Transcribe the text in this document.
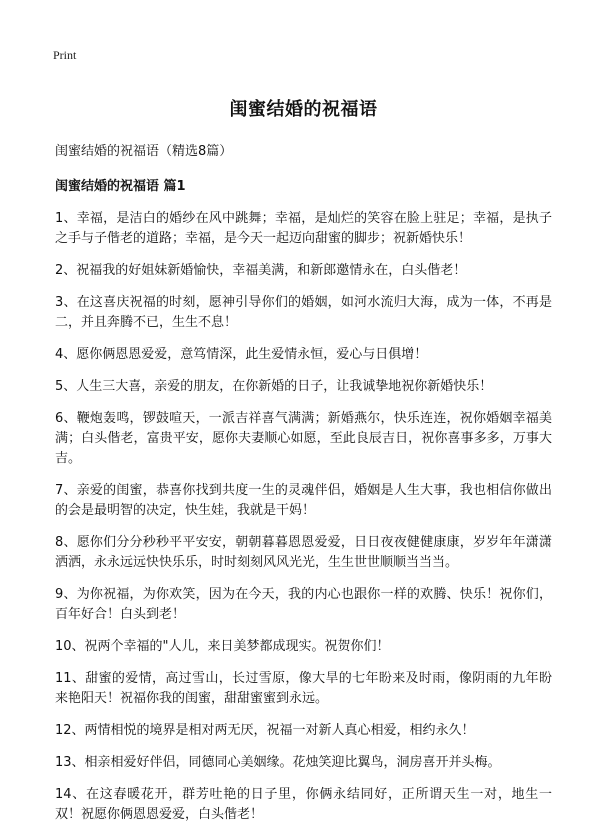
Print
闺蜜结婚的祝福语

闺蜜结婚的祝福语（精选8篇）

闺蜜结婚的祝福语 篇1
1、幸福，是洁白的婚纱在风中跳舞；幸福，是灿烂的笑容在脸上驻足；幸福，是执子之手与子偕老的道路；幸福，是今天一起迈向甜蜜的脚步；祝新婚快乐！
2、祝福我的好姐妹新婚愉快，幸福美满，和新郎邀情永在，白头偕老！
3、在这喜庆祝福的时刻，愿神引导你们的婚姻，如河水流归大海，成为一体，不再是二，并且奔腾不已，生生不息！
4、愿你俩恩恩爱爱，意笃情深，此生爱情永恒，爱心与日俱增！
5、人生三大喜，亲爱的朋友，在你新婚的日子，让我诚挚地祝你新婚快乐！
6、鞭炮轰鸣，锣鼓喧天，一派吉祥喜气满满；新婚燕尔，快乐连连，祝你婚姻幸福美满；白头偕老，富贵平安，愿你夫妻顺心如愿，至此良辰吉日，祝你喜事多多，万事大吉。
7、亲爱的闺蜜，恭喜你找到共度一生的灵魂伴侣，婚姻是人生大事，我也相信你做出的会是最明智的决定，快生娃，我就是干妈！
8、愿你们分分秒秒平平安安，朝朝暮暮恩恩爱爱，日日夜夜健健康康，岁岁年年潇潇洒洒，永永远远快快乐乐，时时刻刻风风光光，生生世世顺顺当当当。
9、为你祝福，为你欢笑，因为在今天，我的内心也跟你一样的欢腾、快乐！祝你们，百年好合！白头到老！
10、祝两个幸福的"人儿，来日美梦都成现实。祝贺你们！
11、甜蜜的爱情，高过雪山，长过雪原，像大旱的七年盼来及时雨，像阴雨的九年盼来艳阳天！祝福你我的闺蜜，甜甜蜜蜜到永远。
12、两情相悦的境界是相对两无厌，祝福一对新人真心相爱，相约永久！
13、相亲相爱好伴侣，同德同心美姻缘。花烛笑迎比翼鸟，洞房喜开并头梅。
14、在这春暖花开，群芳吐艳的日子里，你俩永结同好，正所谓天生一对，地生一双！祝愿你俩恩恩爱爱，白头偕老！
